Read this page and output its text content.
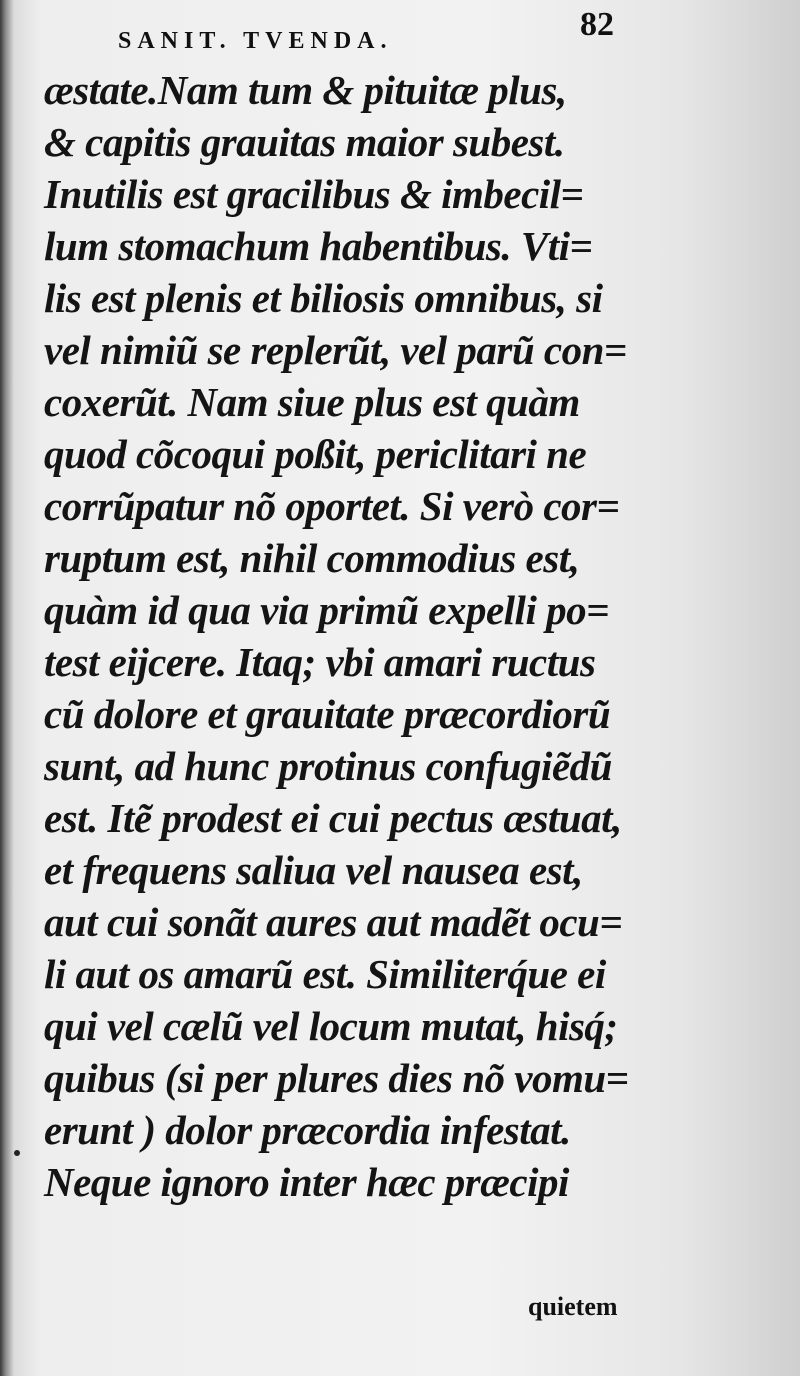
SANIT. TVENDA.	82
æstate.Nam tum & pituitæ plus,
& capitis grauitas maior subest.
Inutilis est gracilibus & imbecil=
lum stomachum habentibus. Vti=
lis est plenis et biliosis omnibus, si
vel nimiũ se replerũt, vel parũ con=
coxerũt. Nam siue plus est quàm
quod cõcoqui poßit, periclitari ne
corrũpatur nõ oportet. Si verò cor=
ruptum est, nihil commodius est,
quàm id qua via primũ expelli po=
test eijcere. Itaq; vbi amari ructus
cũ dolore et grauitate præcordiorũ
sunt, ad hunc protinus confugiẽdũ
est. Itẽ prodest ei cui pectus æstuat,
et frequens saliua vel nausea est,
aut cui sonãt aures aut madẽt ocu=
li aut os amarũ est. Similiterq́ue ei
qui vel cælũ vel locum mutat, hisq́;
quibus (si per plures dies nõ vomu=
erunt ) dolor præcordia infestat.
Neque ignoro inter hæc præcipi
quietem
